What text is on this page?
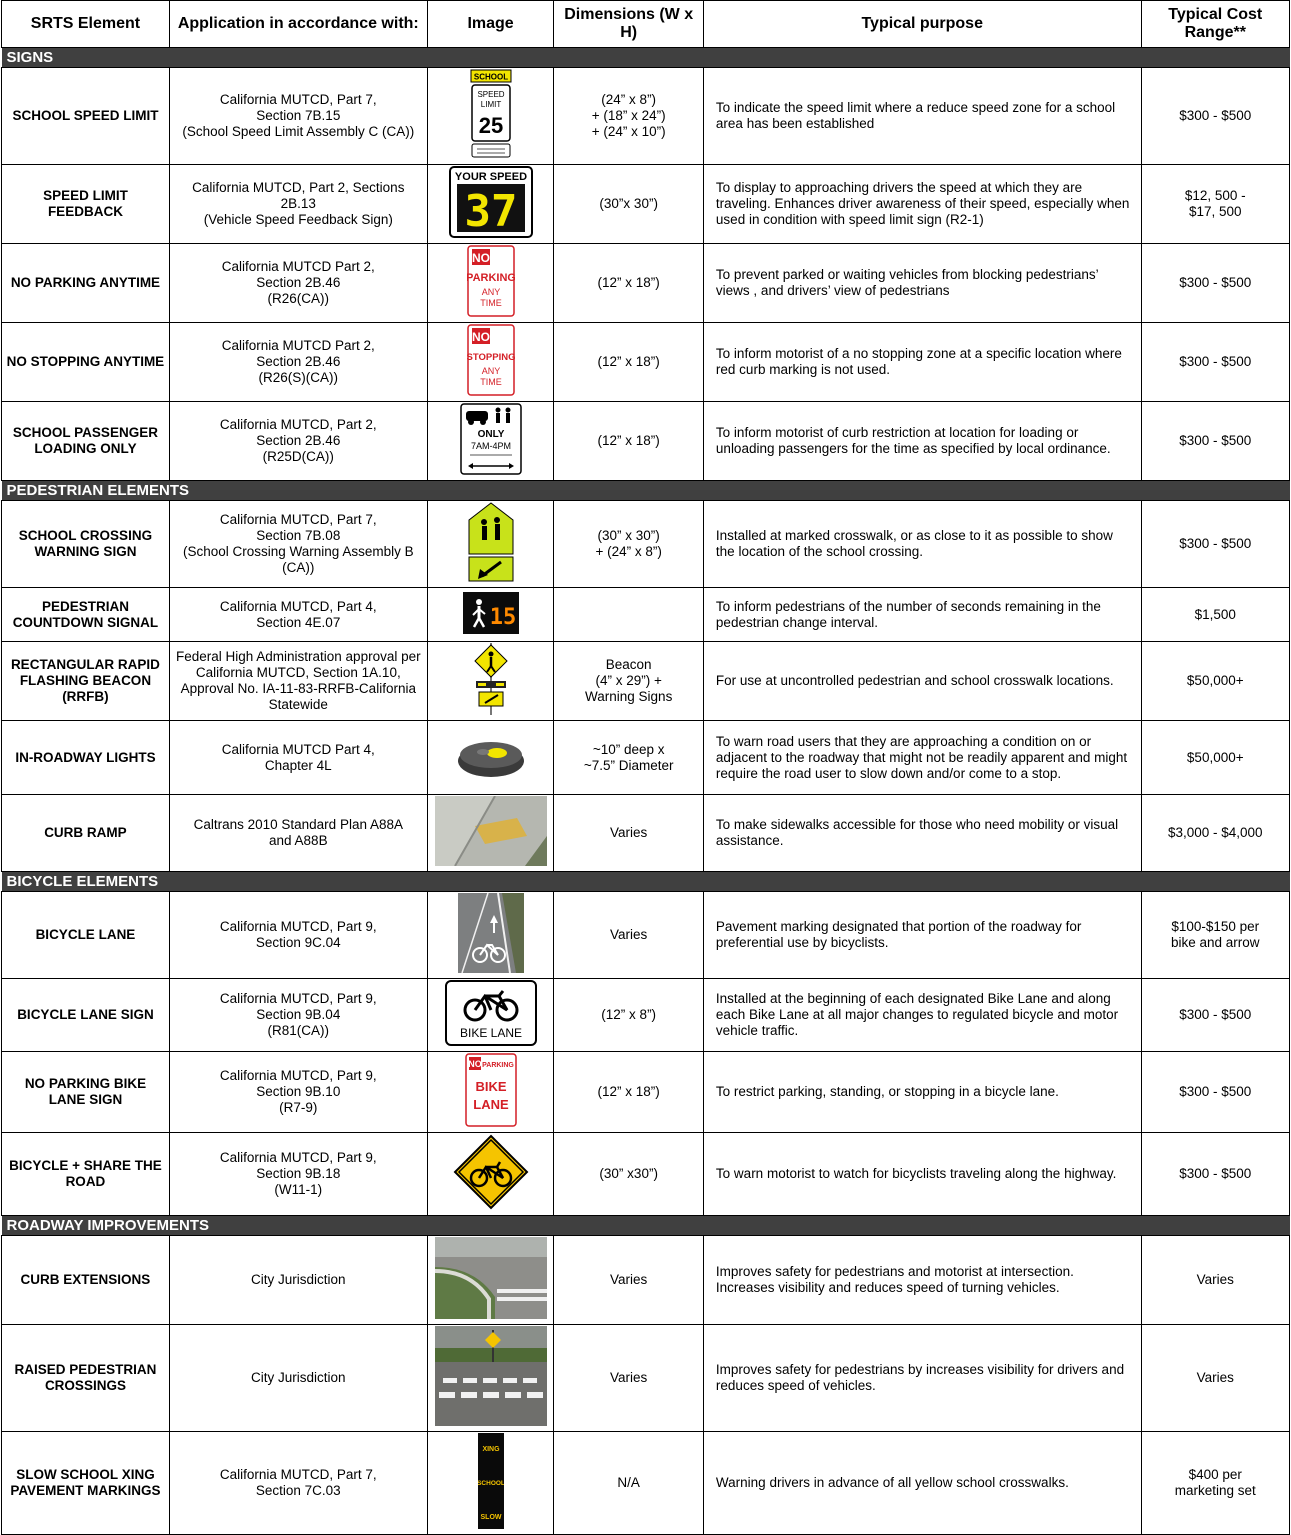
SRTS Element	Application in accordance with:	Image	Dimensions (W x H)	Typical purpose	Typical Cost Range**
SIGNS					
SCHOOL SPEED LIMIT	California MUTCD, Part 7,
Section 7B.15
(School Speed Limit Assembly C (CA))	SCHOOL
SPEED
LIMIT
25	(24” x 8”)
+ (18” x 24”)
+ (24” x 10”)	To indicate the speed limit where a reduce speed zone for a school area has been established	$300 - $500
SPEED LIMIT FEEDBACK	California MUTCD, Part 2, Sections 2B.13
(Vehicle Speed Feedback Sign)	YOUR SPEED
37	(30”x 30”)	To display to approaching drivers the speed at which they are traveling. Enhances driver awareness of their speed, especially when used in condition with speed limit sign (R2-1)	$12, 500 -
$17, 500
NO PARKING ANYTIME	California MUTCD Part 2,
Section 2B.46
(R26(CA))	NO
PARKING
ANY
TIME	(12” x 18”)	To prevent parked or waiting vehicles from blocking pedestrians’ views , and drivers’ view of pedestrians	$300 - $500
NO STOPPING ANYTIME	California MUTCD Part 2,
Section 2B.46
(R26(S)(CA))	NO
STOPPING
ANY
TIME	(12” x 18”)	To inform motorist of a no stopping zone at a specific location where red curb marking is not used.	$300 - $500
SCHOOL PASSENGER LOADING ONLY	California MUTCD, Part 2,
Section 2B.46
(R25D(CA))	ONLY
7AM-4PM	(12” x 18”)	To inform motorist of curb restriction at location for loading or unloading passengers for the time as specified by local ordinance.	$300 - $500
PEDESTRIAN ELEMENTS					
SCHOOL CROSSING WARNING SIGN	California MUTCD, Part 7,
Section 7B.08
(School Crossing Warning Assembly B (CA))		(30” x 30”)
+ (24” x 8”)	Installed at marked crosswalk, or as close to it as possible to show the location of the school crossing.	$300 - $500
PEDESTRIAN COUNTDOWN SIGNAL	California MUTCD, Part 4,
Section 4E.07	15		To inform pedestrians of the number of seconds remaining in the pedestrian change interval.	$1,500
RECTANGULAR RAPID FLASHING BEACON (RRFB)	Federal High Administration approval per California MUTCD, Section 1A.10, Approval No. IA-11-83-RRFB-California Statewide		Beacon
(4” x 29”) +
Warning Signs	For use at uncontrolled pedestrian and school crosswalk locations.	$50,000+
IN-ROADWAY LIGHTS	California MUTCD Part 4,
Chapter 4L		~10” deep x
~7.5” Diameter	To warn road users that they are approaching a condition on or adjacent to the roadway that might not be readily apparent and might require the road user to slow down and/or come to a stop.	$50,000+
CURB RAMP	Caltrans 2010 Standard Plan A88A
and A88B		Varies	To make sidewalks accessible for those who need mobility or visual assistance.	$3,000 - $4,000
BICYCLE ELEMENTS					
BICYCLE LANE	California MUTCD, Part 9,
Section 9C.04		Varies	Pavement marking designated that portion of the roadway for preferential use by bicyclists.	$100-$150 per
bike and arrow
BICYCLE LANE SIGN	California MUTCD, Part 9,
Section 9B.04
(R81(CA))	BIKE LANE	(12” x 8”)	Installed at the beginning of each designated Bike Lane and along each Bike Lane at all major changes to regulated bicycle and motor vehicle traffic.	$300 - $500
NO PARKING BIKE LANE SIGN	California MUTCD, Part 9,
Section 9B.10
(R7-9)	NO PARKING
BIKE
LANE	(12” x 18”)	To restrict parking, standing, or stopping in a bicycle lane.	$300 - $500
BICYCLE + SHARE THE ROAD	California MUTCD, Part 9,
Section 9B.18
(W11-1)		(30” x30”)	To warn motorist to watch for bicyclists traveling along the highway.	$300 - $500
ROADWAY IMPROVEMENTS					
CURB EXTENSIONS	City Jurisdiction		Varies	Improves safety for pedestrians and motorist at intersection. Increases visibility and reduces speed of turning vehicles.	Varies
RAISED PEDESTRIAN CROSSINGS	City Jurisdiction		Varies	Improves safety for pedestrians by increases visibility for drivers and reduces speed of vehicles.	Varies
SLOW SCHOOL XING PAVEMENT MARKINGS	California MUTCD, Part 7,
Section 7C.03	XING
SCHOOL
SLOW	N/A	Warning drivers in advance of all yellow school crosswalks.	$400 per
marketing set
